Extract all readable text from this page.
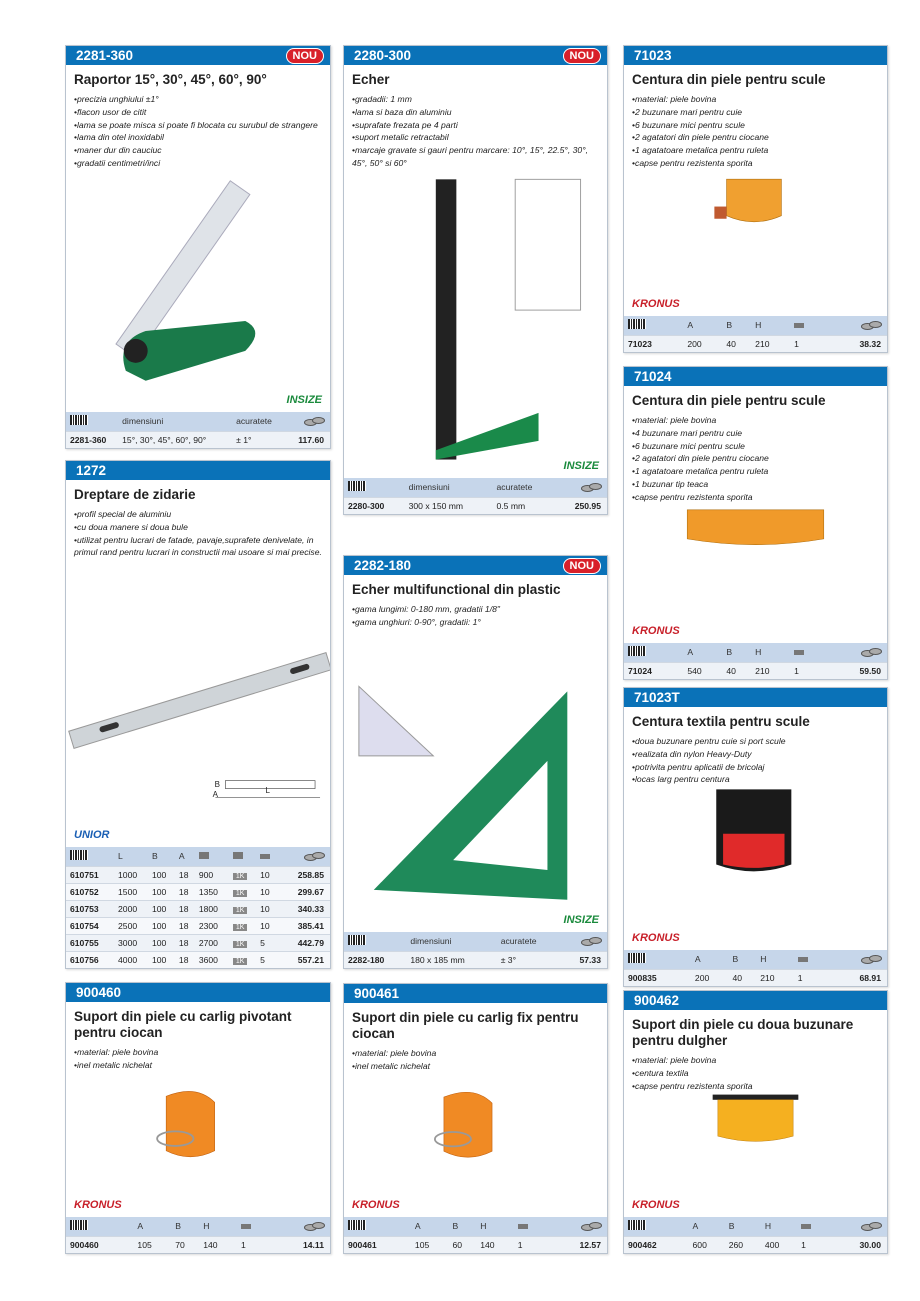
2281-360	NOU
Raportor 15°, 30°, 45°, 60°, 90°
• precizia unghiului ±1°
• flacon usor de citit
• lama se poate misca si poate fi blocata cu surubul de strangere
• lama din otel inoxidabil
• maner dur din cauciuc
• gradatii centimetri/inci
INSIZE
	dimensiuni	acuratete	
2281-360	15°, 30°, 45°, 60°, 90°	± 1°	117.60
1272
Dreptare de zidarie
• profil special de aluminiu
• cu doua manere si doua bule
• utilizat pentru lucrari de fatade, pavaje,suprafete denivelate, in primul rand pentru lucrari in constructii mai usoare si mai precise.
B
A	L
UNIOR
	L	B	A				
610751	1000	100	18	900	1K	10	258.85
610752	1500	100	18	1350	1K	10	299.67
610753	2000	100	18	1800	1K	10	340.33
610754	2500	100	18	2300	1K	10	385.41
610755	3000	100	18	2700	1K	5	442.79
610756	4000	100	18	3600	1K	5	557.21
900460
Suport din piele cu carlig pivotant pentru ciocan
• material: piele bovina
• inel metalic nichelat
KRONUS
	A	B	H		
900460	105	70	140	1	14.11
2280-300	NOU
Echer
• gradadii: 1 mm
• lama si baza din aluminiu
• suprafate frezata pe 4 parti
• suport metalic retractabil
• marcaje gravate si gauri pentru marcare: 10°, 15°, 22.5°, 30°, 45°, 50° si 60°
INSIZE
	dimensiuni	acuratete	
2280-300	300 x 150 mm	0.5 mm	250.95
2282-180	NOU
Echer multifunctional din plastic
• gama lungimi: 0-180 mm, gradatii 1/8"
• gama unghiuri: 0-90°, gradatii: 1°
INSIZE
	dimensiuni	acuratete	
2282-180	180 x 185 mm	± 3°	57.33
900461
Suport din piele cu carlig fix pentru ciocan
• material: piele bovina
• inel metalic nichelat
KRONUS
	A	B	H		
900461	105	60	140	1	12.57
71023
Centura din piele pentru scule
• material: piele bovina
• 2 buzunare mari pentru cuie
• 6 buzunare mici pentru scule
• 2 agatatori din piele pentru ciocane
• 1 agatatoare metalica pentru ruleta
• capse pentru rezistenta sporita
KRONUS
	A	B	H		
71023	200	40	210	1	38.32
71024
Centura din piele pentru scule
• material: piele bovina
• 4 buzunare mari pentru cuie
• 6 buzunare mici pentru scule
• 2 agatatori din piele pentru ciocane
• 1 agatatoare metalica pentru ruleta
• 1 buzunar tip teaca
• capse pentru rezistenta sporita
KRONUS
	A	B	H		
71024	540	40	210	1	59.50
71023T
Centura textila pentru scule
• doua buzunare pentru cuie si port scule
• realizata din nylon Heavy-Duty
• potrivita pentru aplicatii de bricolaj
• locas larg pentru centura
KRONUS
	A	B	H		
900835	200	40	210	1	68.91
900462
Suport din piele cu doua buzunare pentru dulgher
• material: piele bovina
• centura textila
• capse pentru rezistenta sporita
KRONUS
	A	B	H		
900462	600	260	400	1	30.00
